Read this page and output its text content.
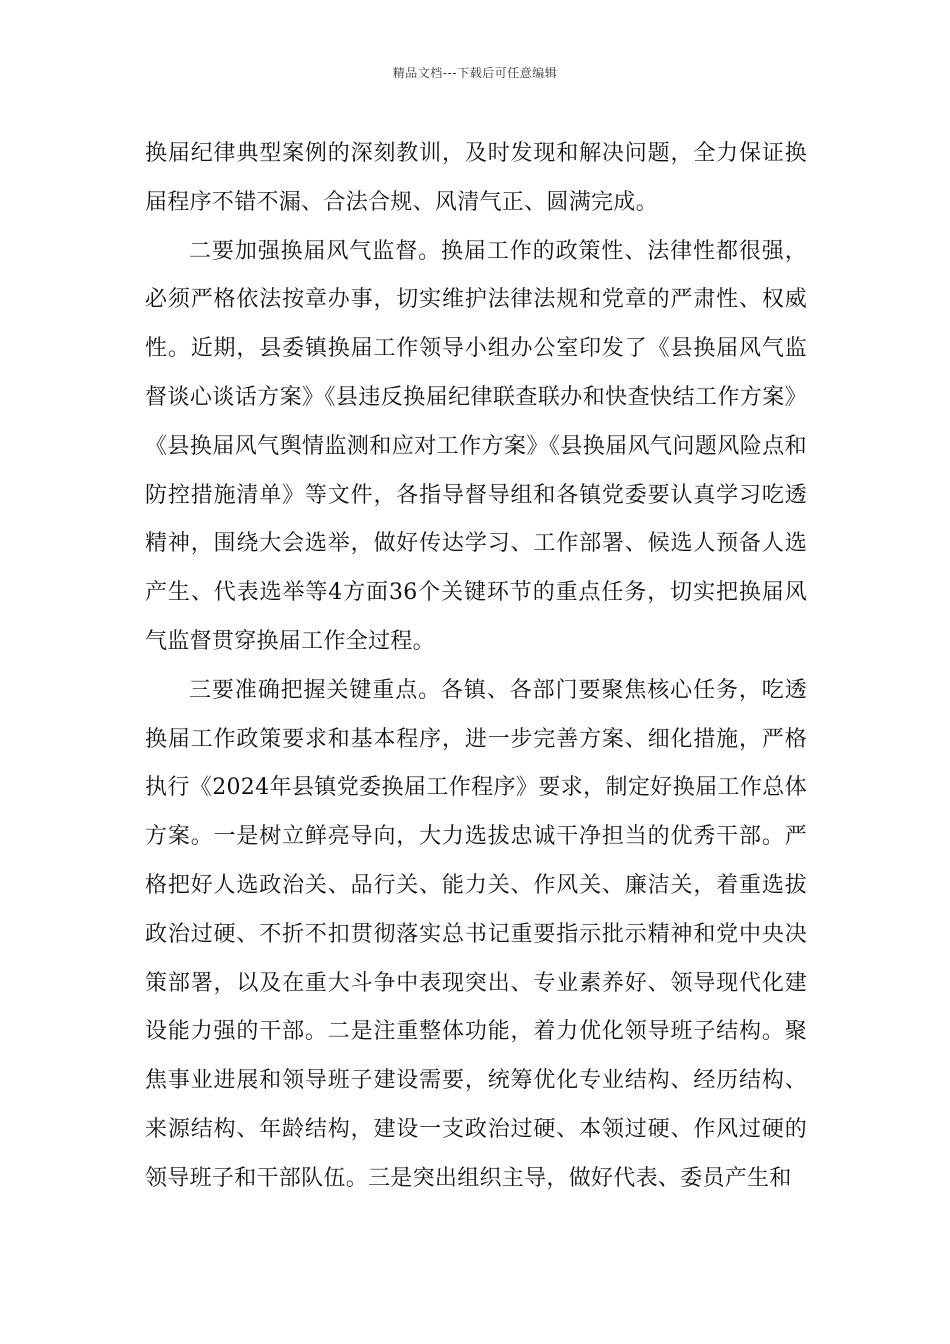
精品文档---下载后可任意编辑

换届纪律典型案例的深刻教训，及时发现和解决问题，全力保证换届程序不错不漏、合法合规、风清气正、圆满完成。

二要加强换届风气监督。换届工作的政策性、法律性都很强，必须严格依法按章办事，切实维护法律法规和党章的严肃性、权威性。近期，县委镇换届工作领导小组办公室印发了《县换届风气监督谈心谈话方案》《县违反换届纪律联查联办和快查快结工作方案》《县换届风气舆情监测和应对工作方案》《县换届风气问题风险点和防控措施清单》等文件，各指导督导组和各镇党委要认真学习吃透精神，围绕大会选举，做好传达学习、工作部署、候选人预备人选产生、代表选举等4方面36个关键环节的重点任务，切实把换届风气监督贯穿换届工作全过程。

三要准确把握关键重点。各镇、各部门要聚焦核心任务，吃透换届工作政策要求和基本程序，进一步完善方案、细化措施，严格执行《2024年县镇党委换届工作程序》要求，制定好换届工作总体方案。一是树立鲜亮导向，大力选拔忠诚干净担当的优秀干部。严格把好人选政治关、品行关、能力关、作风关、廉洁关，着重选拔政治过硬、不折不扣贯彻落实总书记重要指示批示精神和党中央决策部署，以及在重大斗争中表现突出、专业素养好、领导现代化建设能力强的干部。二是注重整体功能，着力优化领导班子结构。聚焦事业进展和领导班子建设需要，统筹优化专业结构、经历结构、来源结构、年龄结构，建设一支政治过硬、本领过硬、作风过硬的领导班子和干部队伍。三是突出组织主导，做好代表、委员产生和
